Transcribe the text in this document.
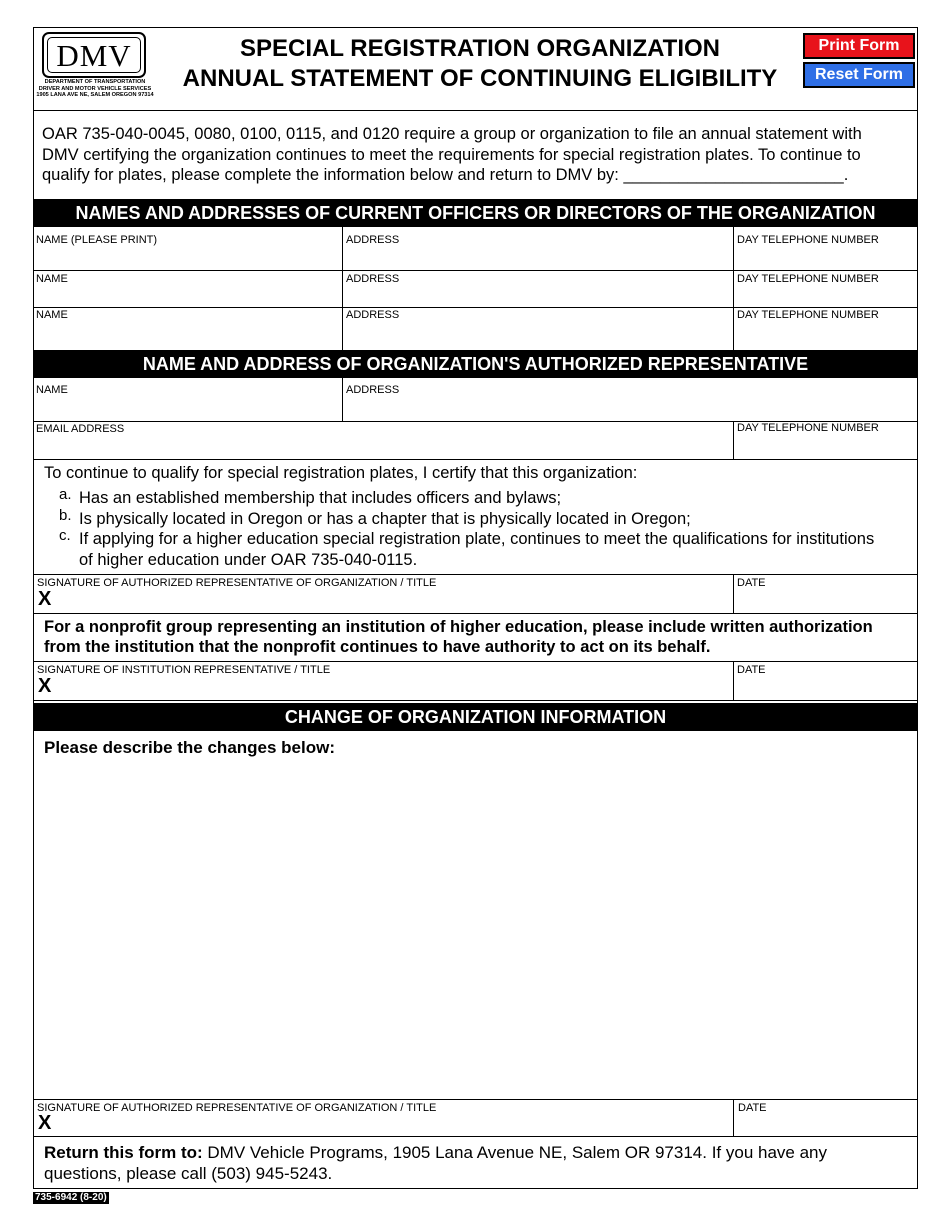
DMV
DEPARTMENT OF TRANSPORTATION
DRIVER AND MOTOR VEHICLE SERVICES
1905 LANA AVE NE, SALEM OREGON 97314
SPECIAL REGISTRATION ORGANIZATION
ANNUAL STATEMENT OF CONTINUING ELIGIBILITY
Print Form
Reset Form
OAR 735-040-0045, 0080, 0100, 0115, and 0120 require a group or organization to file an annual statement with
DMV certifying the organization continues to meet the requirements for special registration plates. To continue to
qualify for plates, please complete the information below and return to DMV by: ________________________.
NAMES AND ADDRESSES OF CURRENT OFFICERS OR DIRECTORS OF THE ORGANIZATION
NAME (PLEASE PRINT)	ADDRESS	DAY TELEPHONE NUMBER
NAME	ADDRESS	DAY TELEPHONE NUMBER
NAME	ADDRESS	DAY TELEPHONE NUMBER
NAME AND ADDRESS OF ORGANIZATION'S AUTHORIZED REPRESENTATIVE
NAME	ADDRESS
EMAIL ADDRESS	DAY TELEPHONE NUMBER
To continue to qualify for special registration plates, I certify that this organization:
a. Has an established membership that includes officers and bylaws;
b. Is physically located in Oregon or has a chapter that is physically located in Oregon;
c. If applying for a higher education special registration plate, continues to meet the qualifications for institutions
of higher education under OAR 735-040-0115.
SIGNATURE OF AUTHORIZED REPRESENTATIVE OF ORGANIZATION / TITLE
X
DATE
For a nonprofit group representing an institution of higher education, please include written authorization
from the institution that the nonprofit continues to have authority to act on its behalf.
SIGNATURE OF INSTITUTION REPRESENTATIVE / TITLE
X
DATE
CHANGE OF ORGANIZATION INFORMATION
Please describe the changes below:
SIGNATURE OF AUTHORIZED REPRESENTATIVE OF ORGANIZATION / TITLE
X
DATE
Return this form to: DMV Vehicle Programs, 1905 Lana Avenue NE, Salem OR 97314. If you have any
questions, please call (503) 945-5243.
735-6942 (8-20)
